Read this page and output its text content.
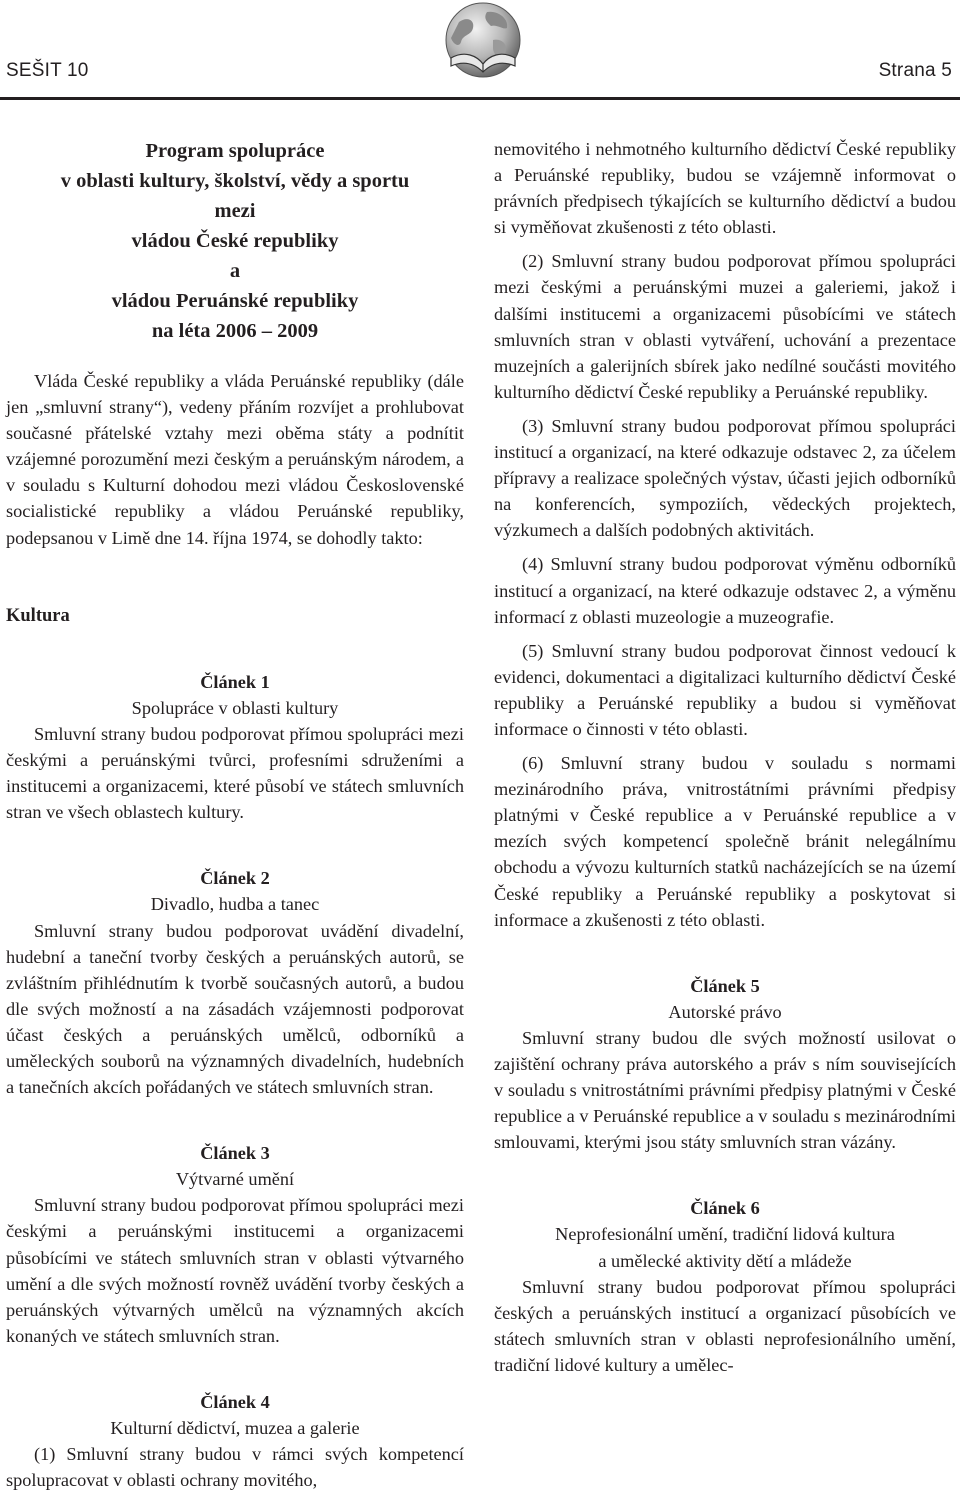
SEŠIT 10	Strana 5
Program spolupráce
v oblasti kultury, školství, vědy a sportu
mezi
vládou České republiky
a
vládou Peruánské republiky
na léta 2006 – 2009

Vláda České republiky a vláda Peruánské republiky (dále jen „smluvní strany“), vedeny přáním rozvíjet a prohlubovat současné přátelské vztahy mezi oběma státy a podnítit vzájemné porozumění mezi českým a peruánským národem, a v souladu s Kulturní dohodou mezi vládou Československé socialistické republiky a vládou Peruánské republiky, podepsanou v Limě dne 14. října 1974, se dohodly takto:

Kultura
Článek 1
Spolupráce v oblasti kultury

Smluvní strany budou podporovat přímou spolupráci mezi českými a peruánskými tvůrci, profesními sdruženími a institucemi a organizacemi, které působí ve státech smluvních stran ve všech oblastech kultury.

Článek 2
Divadlo, hudba a tanec

Smluvní strany budou podporovat uvádění divadelní, hudební a taneční tvorby českých a peruánských autorů, se zvláštním přihlédnutím k tvorbě současných autorů, a budou dle svých možností a na zásadách vzájemnosti podporovat účast českých a peruánských umělců, odborníků a uměleckých souborů na významných divadelních, hudebních a tanečních akcích pořádaných ve státech smluvních stran.

Článek 3
Výtvarné umění

Smluvní strany budou podporovat přímou spolupráci mezi českými a peruánskými institucemi a organizacemi působícími ve státech smluvních stran v oblasti výtvarného umění a dle svých možností rovněž uvádění tvorby českých a peruánských výtvarných umělců na významných akcích konaných ve státech smluvních stran.

Článek 4
Kulturní dědictví, muzea a galerie

(1) Smluvní strany budou v rámci svých kompetencí spolupracovat v oblasti ochrany movitého,

nemovitého i nehmotného kulturního dědictví České republiky a Peruánské republiky, budou se vzájemně informovat o právních předpisech týkajících se kulturního dědictví a budou si vyměňovat zkušenosti z této oblasti.

(2) Smluvní strany budou podporovat přímou spolupráci mezi českými a peruánskými muzei a galeriemi, jakož i dalšími institucemi a organizacemi působícími ve státech smluvních stran v oblasti vytváření, uchování a prezentace muzejních a galerijních sbírek jako nedílné součásti movitého kulturního dědictví České republiky a Peruánské republiky.

(3) Smluvní strany budou podporovat přímou spolupráci institucí a organizací, na které odkazuje odstavec 2, za účelem přípravy a realizace společných výstav, účasti jejich odborníků na konferencích, sympoziích, vědeckých projektech, výzkumech a dalších podobných aktivitách.

(4) Smluvní strany budou podporovat výměnu odborníků institucí a organizací, na které odkazuje odstavec 2, a výměnu informací z oblasti muzeologie a muzeografie.

(5) Smluvní strany budou podporovat činnost vedoucí k evidenci, dokumentaci a digitalizaci kulturního dědictví České republiky a Peruánské republiky a budou si vyměňovat informace o činnosti v této oblasti.

(6) Smluvní strany budou v souladu s normami mezinárodního práva, vnitrostátními právními předpisy platnými v České republice a v Peruánské republice a v mezích svých kompetencí společně bránit nelegálnímu obchodu a vývozu kulturních statků nacházejících se na území České republiky a Peruánské republiky a poskytovat si informace a zkušenosti z této oblasti.

Článek 5
Autorské právo

Smluvní strany budou dle svých možností usilovat o zajištění ochrany práva autorského a práv s ním souvisejících v souladu s vnitrostátními právními předpisy platnými v České republice a v Peruánské republice a v souladu s mezinárodními smlouvami, kterými jsou státy smluvních stran vázány.

Článek 6
Neprofesionální umění, tradiční lidová kultura
a umělecké aktivity dětí a mládeže

Smluvní strany budou podporovat přímou spolupráci českých a peruánských institucí a organizací působících ve státech smluvních stran v oblasti neprofesionálního umění, tradiční lidové kultury a umělec-
